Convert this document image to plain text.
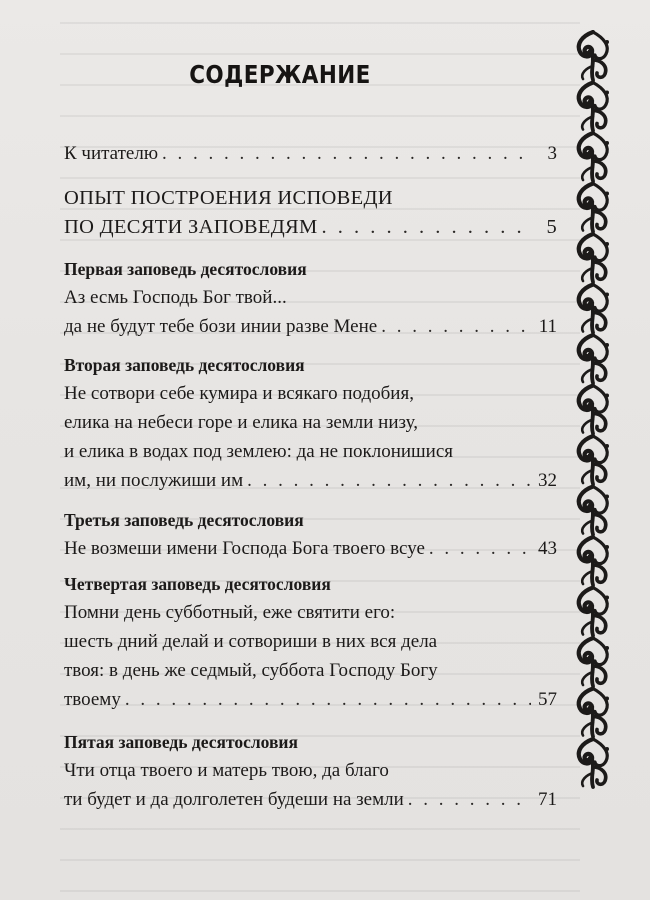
СОДЕРЖАНИЕ
К читателю . . .	3
ОПЫТ ПОСТРОЕНИЯ ИСПОВЕДИ
ПО ДЕСЯТИ ЗАПОВЕДЯМ . . .	5
Первая заповедь десятословия
Аз есмь Господь Бог твой...
да не будут тебе бози инии разве Мене . . .	11
Вторая заповедь десятословия
Не сотвори себе кумира и всякаго подобия,
елика на небеси горе и елика на земли низу,
и елика в водах под землею: да не поклонишися
им, ни послужиши им . . .	32
Третья заповедь десятословия
Не возмеши имени Господа Бога твоего всуе . . .	43
Четвертая заповедь десятословия
Помни день субботный, еже святити его:
шесть дний делай и сотвориши в них вся дела
твоя: в день же седмый, суббота Господу Богу
твоему . . .	57
Пятая заповедь десятословия
Чти отца твоего и матерь твою, да благо
ти будет и да долголетен будеши на земли . . .	71
